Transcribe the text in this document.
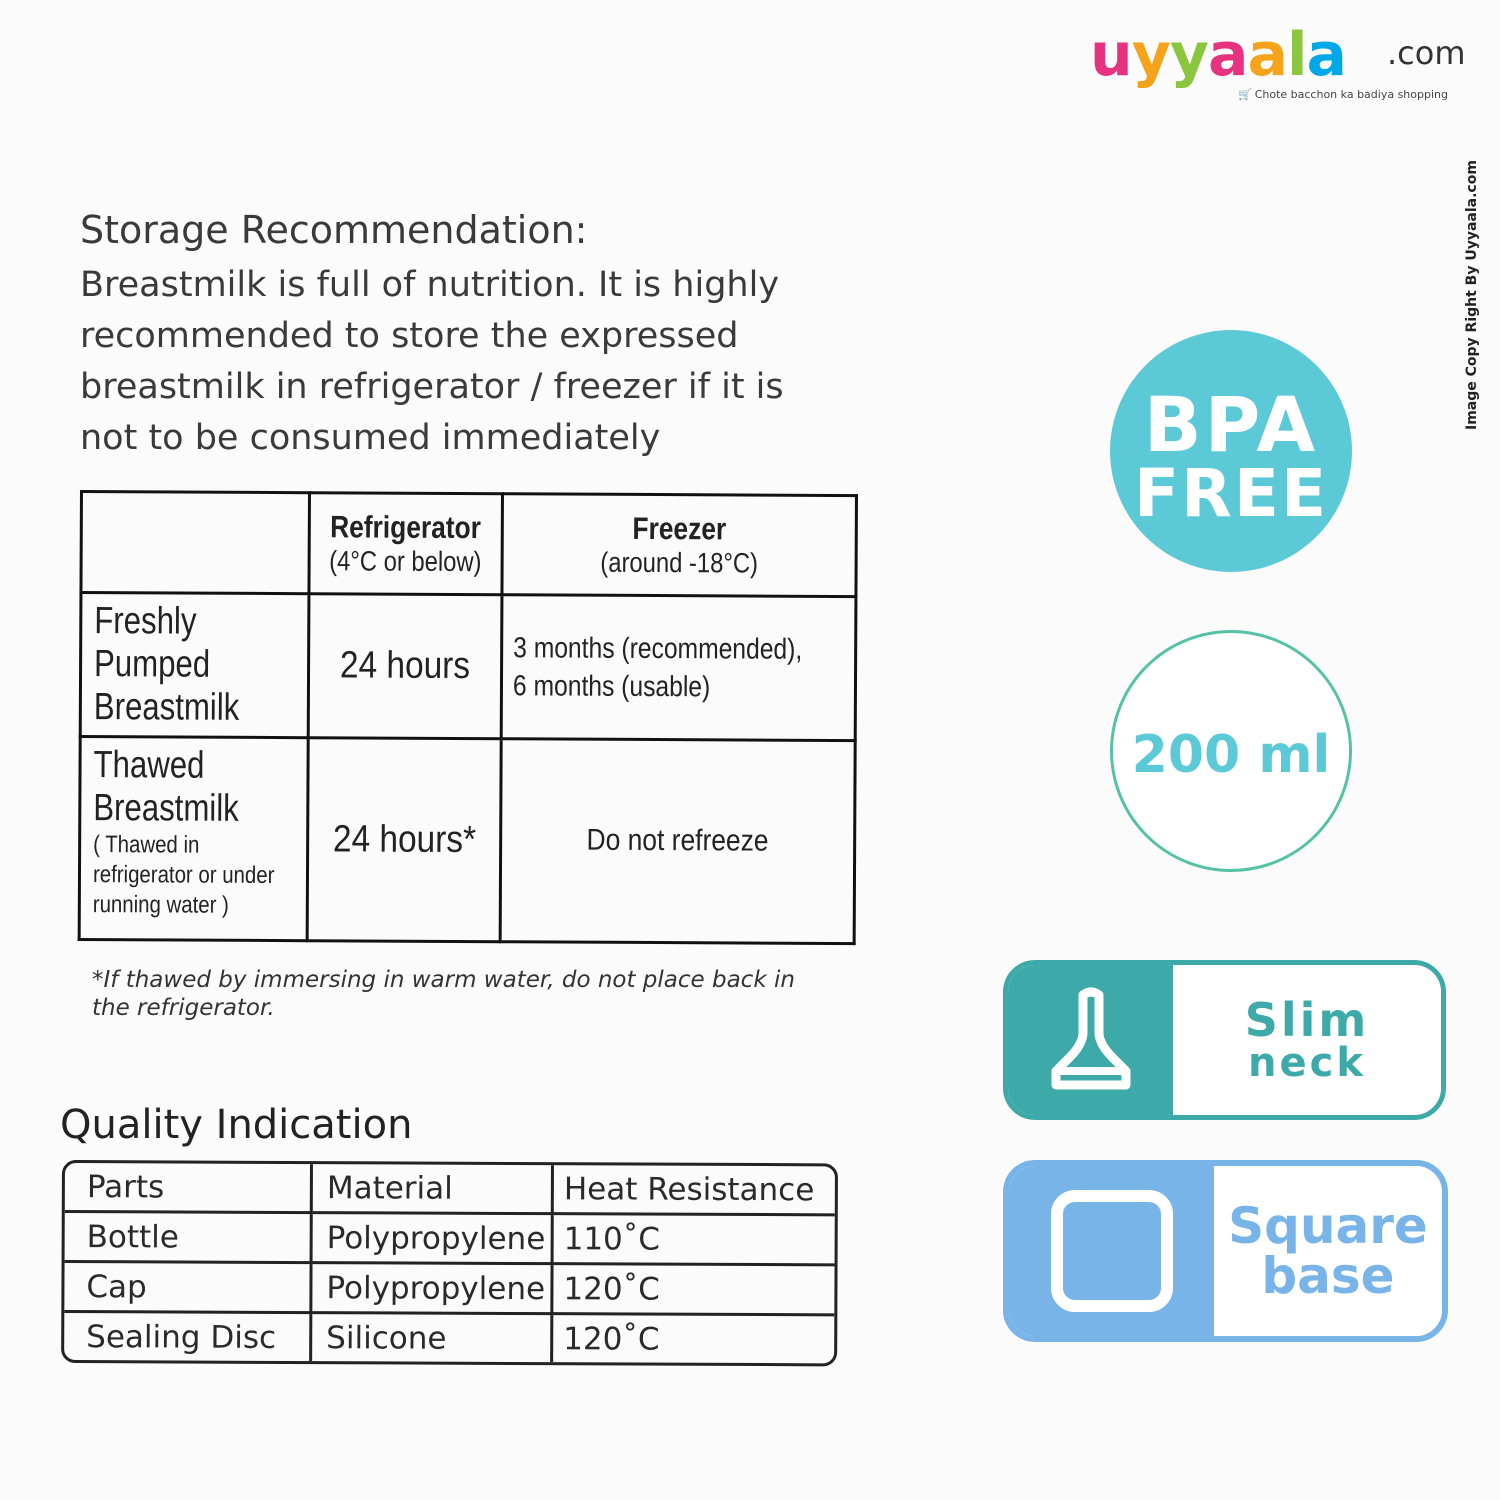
uyyaala .com
🛒 Chote bacchon ka badiya shopping
Image Copy Right By Uyyaala.com
Storage Recommendation:
Breastmilk is full of nutrition. It is highly recommended to store the expressed breastmilk in refrigerator / freezer if it is not to be consumed immediately

	Refrigerator
(4°C or below)	Freezer
(around -18°C)

Freshly
Pumped
Breastmilk	24 hours	3 months (recommended),
6 months (usable)

Thawed
Breastmilk
( Thawed in
refrigerator or under
running water )	24 hours*	Do not refreeze
*If thawed by immersing in warm water, do not place back in the refrigerator.
Quality Indication
Parts	Material	Heat Resistance
Bottle	Polypropylene	110˚C
Cap	Polypropylene	120˚C
Sealing Disc	Silicone	120˚C
BPA
FREE
200 ml
Slim
neck
Square
base
